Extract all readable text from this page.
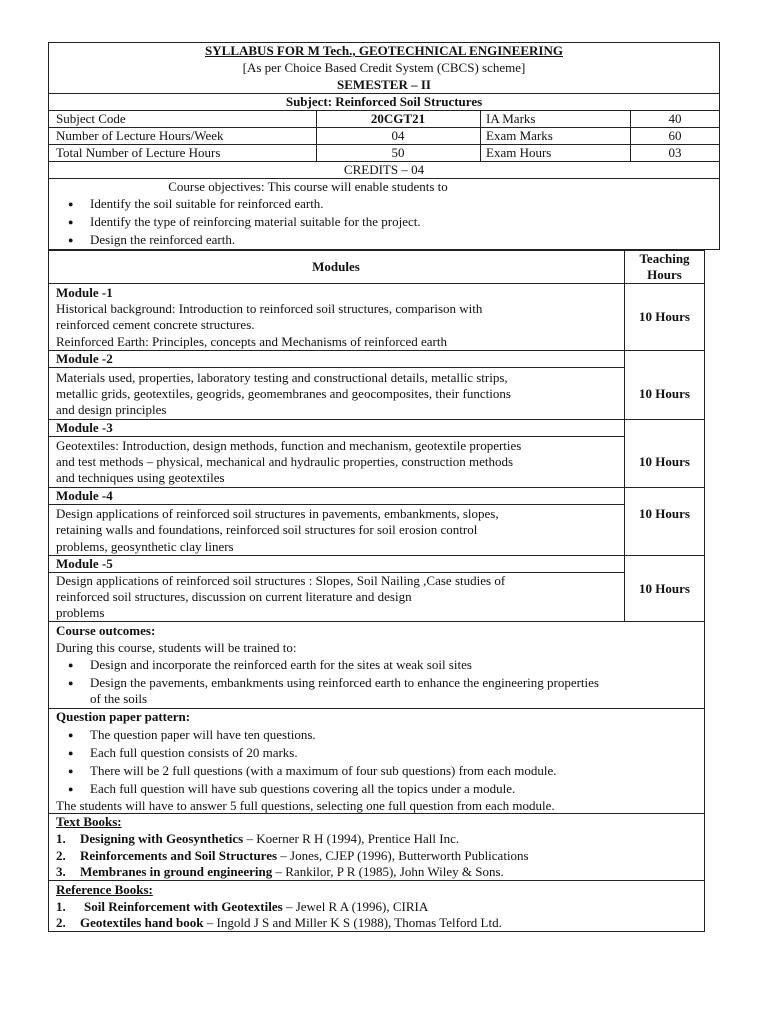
SYLLABUS FOR M Tech., GEOTECHNICAL ENGINEERING
[As per Choice Based Credit System (CBCS) scheme]
SEMESTER – II
Subject: Reinforced Soil Structures
Subject Code	20CGT21	IA Marks	40
Number of Lecture Hours/Week	04	Exam Marks	60
Total Number of Lecture Hours	50	Exam Hours	03
CREDITS – 04
Course objectives: This course will enable students to
● Identify the soil suitable for reinforced earth.
● Identify the type of reinforcing material suitable for the project.
● Design the reinforced earth.
Modules
Teaching
Hours
Module -1
Historical background: Introduction to reinforced soil structures, comparison with
reinforced cement concrete structures.
Reinforced Earth: Principles, concepts and Mechanisms of reinforced earth
10 Hours
Module -2
Materials used, properties, laboratory testing and constructional details, metallic strips,
metallic grids, geotextiles, geogrids, geomembranes and geocomposites, their functions
and design principles
10 Hours
Module -3
Geotextiles: Introduction, design methods, function and mechanism, geotextile properties
and test methods – physical, mechanical and hydraulic properties, construction methods
and techniques using geotextiles
10 Hours
Module -4
Design applications of reinforced soil structures in pavements, embankments, slopes,
retaining walls and foundations, reinforced soil structures for soil erosion control
problems, geosynthetic clay liners
10 Hours
Module -5
Design applications of reinforced soil structures : Slopes, Soil Nailing ,Case studies of
reinforced soil structures, discussion on current literature and design
problems
10 Hours
Course outcomes:
During this course, students will be trained to:
● Design and incorporate the reinforced earth for the sites at weak soil sites
● Design the pavements, embankments using reinforced earth to enhance the engineering properties
of the soils
Question paper pattern:
● The question paper will have ten questions.
● Each full question consists of 20 marks.
● There will be 2 full questions (with a maximum of four sub questions) from each module.
● Each full question will have sub questions covering all the topics under a module.
The students will have to answer 5 full questions, selecting one full question from each module.
Text Books:
1. Designing with Geosynthetics – Koerner R H (1994), Prentice Hall Inc.
2. Reinforcements and Soil Structures – Jones, CJEP (1996), Butterworth Publications
3. Membranes in ground engineering – Rankilor, P R (1985), John Wiley & Sons.
Reference Books:
1. Soil Reinforcement with Geotextiles – Jewel R A (1996), CIRIA
2. Geotextiles hand book – Ingold J S and Miller K S (1988), Thomas Telford Ltd.
